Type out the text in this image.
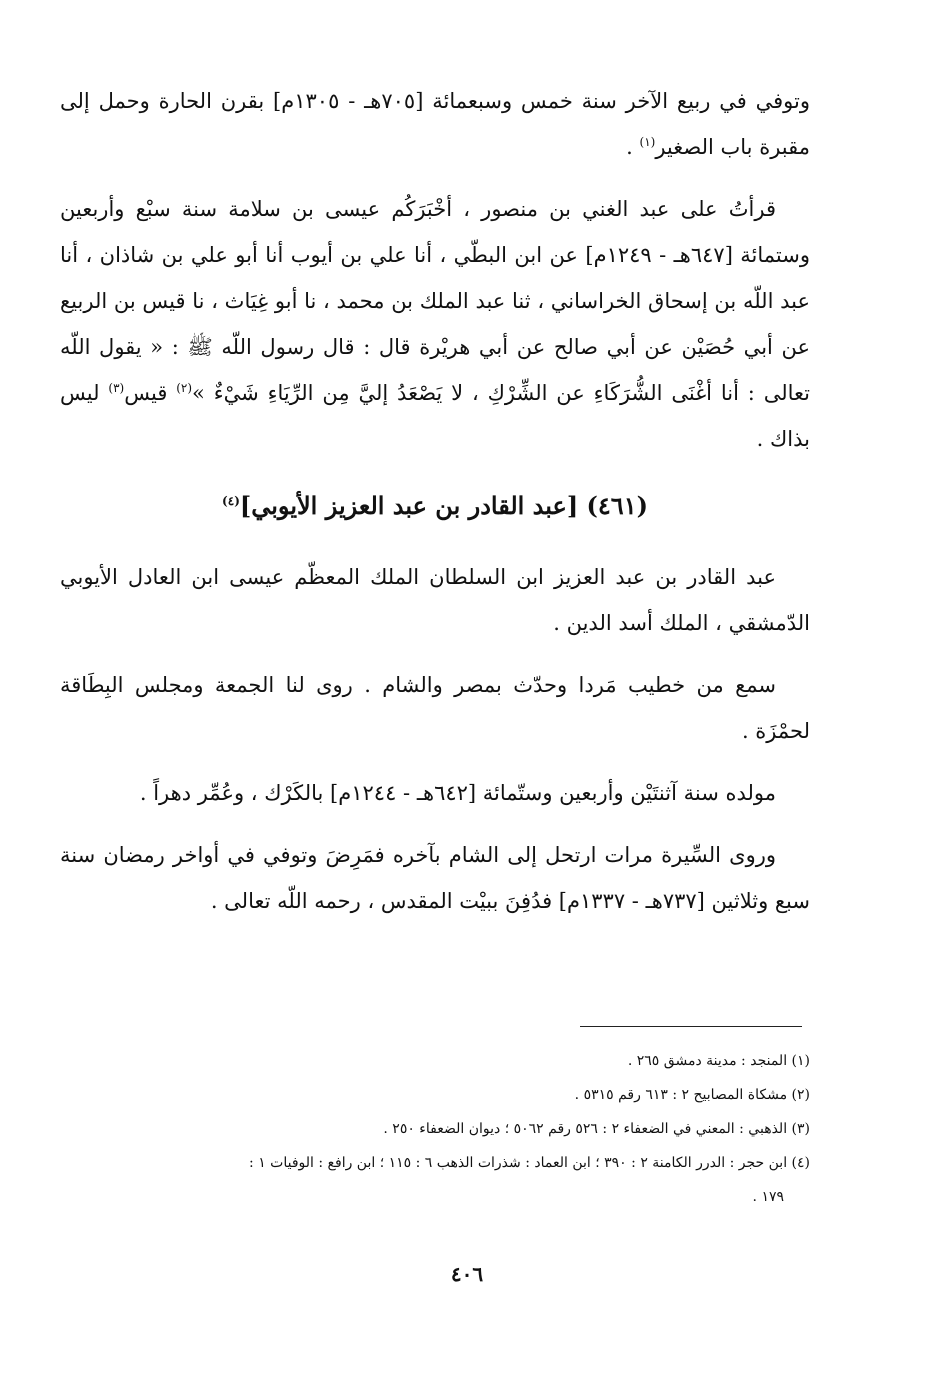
وتوفي في ربيع الآخر سنة خمس وسبعمائة [٧٠٥هـ - ١٣٠٥م] بقرن الحارة وحمل إلى مقبرة باب الصغير$^{(١)}$ .

قرأتُ على عبد الغني بن منصور ، أخْبَرَكُم عيسى بن سلامة سنة سبْع وأربعين وستمائة [٦٤٧هـ - ١٢٤٩م] عن ابن البطّي ، أنا علي بن أيوب أنا أبو علي بن شاذان ، أنا عبد اللّه بن إسحاق الخراساني ، ثنا عبد الملك بن محمد ، نا أبو غِيَاث ، نا قيس بن الربيع عن أبي حُصَيْن عن أبي صالح عن أبي هريْرة قال : قال رسول اللّه ﷺ : « يقول اللّه تعالى : أنا أغْنَى الشُّرَكَاءِ عن الشِّرْكِ ، لا يَصْعَدُ إليَّ مِن الرِّيَاءِ شَيْءٌ »$^{(٢)}$ قيس$^{(٣)}$ ليس بذاك .

(٤٦١) [عبد القادر بن عبد العزيز الأيوبي]$^{(٤)}$

عبد القادر بن عبد العزيز ابن السلطان الملك المعظّم عيسى ابن العادل الأيوبي الدّمشقي ، الملك أسد الدين .

سمع من خطيب مَردا وحدّث بمصر والشام . روى لنا الجمعة ومجلس البِطَاقة لحمْزَة .

مولده سنة آثنتَيْن وأربعين وستّمائة [٦٤٢هـ - ١٢٤٤م] بالكَرْك ، وعُمِّر دهراً .

وروى السِّيرة مرات ارتحل إلى الشام بآخره فمَرِضَ وتوفي في أواخر رمضان سنة سبع وثلاثين [٧٣٧هـ - ١٣٣٧م] فدُفِنَ ببيْت المقدس ، رحمه اللّه تعالى .

(١) المنجد : مدينة دمشق ٢٦٥ .

(٢) مشكاة المصابيح ٢ : ٦١٣ رقم ٥٣١٥ .

(٣) الذهبي : المعني في الضعفاء ٢ : ٥٢٦ رقم ٥٠٦٢ ؛ ديوان الضعفاء ٢٥٠ .

(٤) ابن حجر : الدرر الكامنة ٢ : ٣٩٠ ؛ ابن العماد : شذرات الذهب ٦ : ١١٥ ؛ ابن رافع : الوفيات ١ :
١٧٩ .

٤٠٦
